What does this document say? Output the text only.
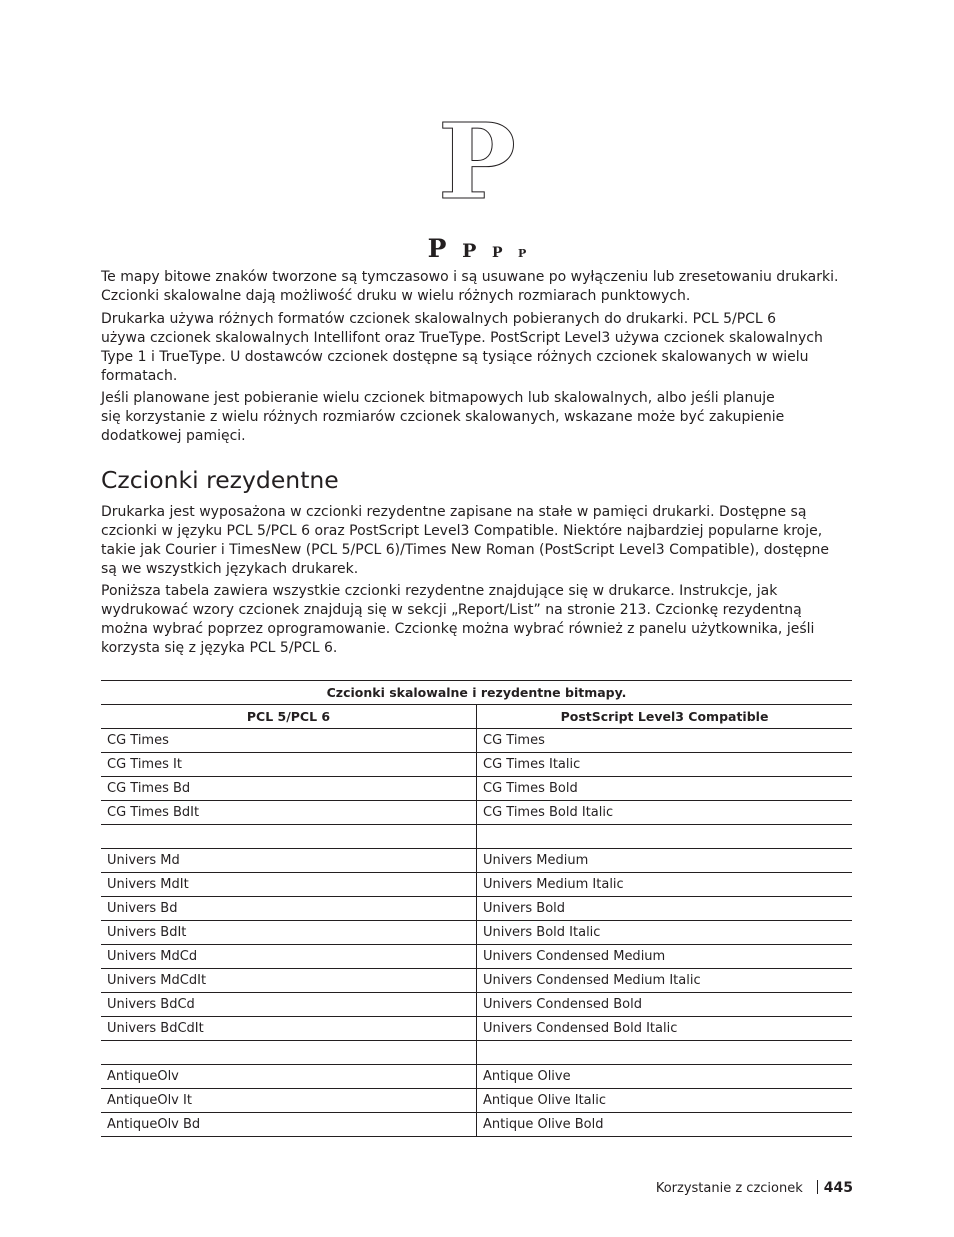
P
P P P P

Te mapy bitowe znaków tworzone są tymczasowo i są usuwane po wyłączeniu lub zresetowaniu drukarki.
Czcionki skalowalne dają możliwość druku w wielu różnych rozmiarach punktowych.

Drukarka używa różnych formatów czcionek skalowalnych pobieranych do drukarki. PCL 5/PCL 6
używa czcionek skalowalnych Intellifont oraz TrueType. PostScript Level3 używa czcionek skalowalnych
Type 1 i TrueType. U dostawców czcionek dostępne są tysiące różnych czcionek skalowanych w wielu
formatach.

Jeśli planowane jest pobieranie wielu czcionek bitmapowych lub skalowalnych, albo jeśli planuje
się korzystanie z wielu różnych rozmiarów czcionek skalowanych, wskazane może być zakupienie
dodatkowej pamięci.

Czcionki rezydentne

Drukarka jest wyposażona w czcionki rezydentne zapisane na stałe w pamięci drukarki. Dostępne są
czcionki w języku PCL 5/PCL 6 oraz PostScript Level3 Compatible. Niektóre najbardziej popularne kroje,
takie jak Courier i TimesNew (PCL 5/PCL 6)/Times New Roman (PostScript Level3 Compatible), dostępne
są we wszystkich językach drukarek.

Poniższa tabela zawiera wszystkie czcionki rezydentne znajdujące się w drukarce. Instrukcje, jak
wydrukować wzory czcionek znajdują się w sekcji „Report/List” na stronie 213. Czcionkę rezydentną
można wybrać poprzez oprogramowanie. Czcionkę można wybrać również z panelu użytkownika, jeśli
korzysta się z języka PCL 5/PCL 6.

Czcionki skalowalne i rezydentne bitmapy.	
PCL 5/PCL 6	PostScript Level3 Compatible
CG Times	CG Times
CG Times It	CG Times Italic
CG Times Bd	CG Times Bold
CG Times BdIt	CG Times Bold Italic

Univers Md	Univers Medium
Univers MdIt	Univers Medium Italic
Univers Bd	Univers Bold
Univers BdIt	Univers Bold Italic
Univers MdCd	Univers Condensed Medium
Univers MdCdIt	Univers Condensed Medium Italic
Univers BdCd	Univers Condensed Bold
Univers BdCdIt	Univers Condensed Bold Italic

AntiqueOlv	Antique Olive
AntiqueOlv It	Antique Olive Italic
AntiqueOlv Bd	Antique Olive Bold
Korzystanie z czcionek 445
